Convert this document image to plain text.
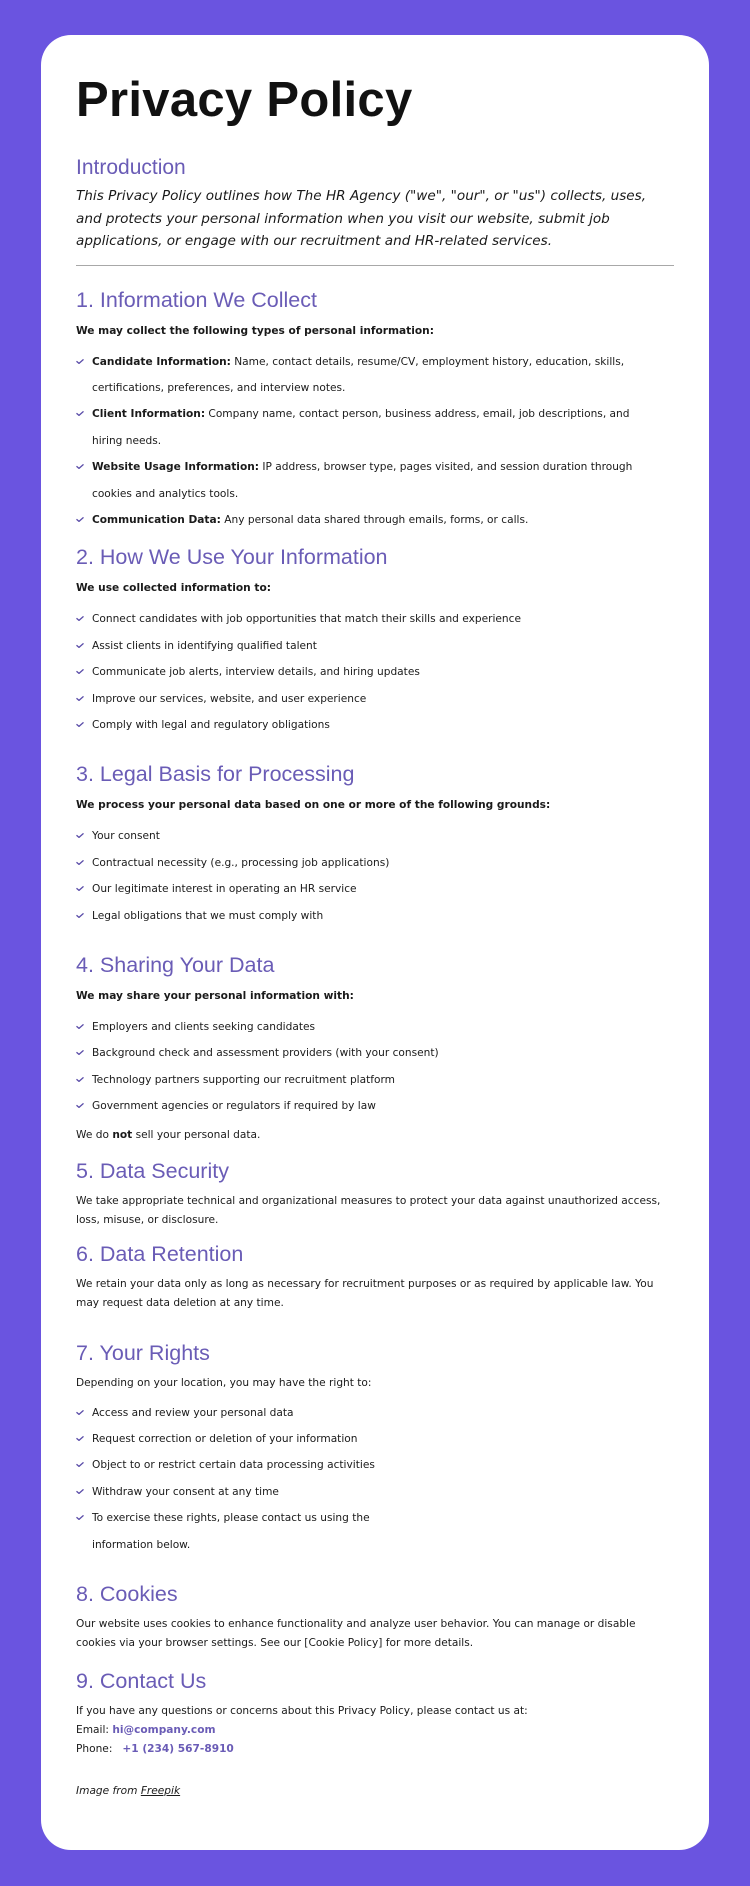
Privacy Policy
Introduction

This Privacy Policy outlines how The HR Agency ("we", "our", or "us") collects, uses, and protects your personal information when you visit our website, submit job applications, or engage with our recruitment and HR-related services.

1. Information We Collect

We may collect the following types of personal information:

Candidate Information: Name, contact details, resume/CV, employment history, education, skills, certifications, preferences, and interview notes.
Client Information: Company name, contact person, business address, email, job descriptions, and hiring needs.
Website Usage Information: IP address, browser type, pages visited, and session duration through cookies and analytics tools.
Communication Data: Any personal data shared through emails, forms, or calls.
2. How We Use Your Information

We use collected information to:

Connect candidates with job opportunities that match their skills and experience
Assist clients in identifying qualified talent
Communicate job alerts, interview details, and hiring updates
Improve our services, website, and user experience
Comply with legal and regulatory obligations
3. Legal Basis for Processing

We process your personal data based on one or more of the following grounds:

Your consent
Contractual necessity (e.g., processing job applications)
Our legitimate interest in operating an HR service
Legal obligations that we must comply with
4. Sharing Your Data

We may share your personal information with:

Employers and clients seeking candidates
Background check and assessment providers (with your consent)
Technology partners supporting our recruitment platform
Government agencies or regulators if required by law

We do not sell your personal data.

5. Data Security

We take appropriate technical and organizational measures to protect your data against unauthorized access, loss, misuse, or disclosure.

6. Data Retention

We retain your data only as long as necessary for recruitment purposes or as required by applicable law. You may request data deletion at any time.

7. Your Rights

Depending on your location, you may have the right to:

Access and review your personal data
Request correction or deletion of your information
Object to or restrict certain data processing activities
Withdraw your consent at any time
To exercise these rights, please contact us using the information below.
8. Cookies

Our website uses cookies to enhance functionality and analyze user behavior. You can manage or disable cookies via your browser settings. See our [Cookie Policy] for more details.

9. Contact Us

If you have any questions or concerns about this Privacy Policy, please contact us at:

Email: hi@company.com

Phone: +1 (234) 567-8910

Image from Freepik
